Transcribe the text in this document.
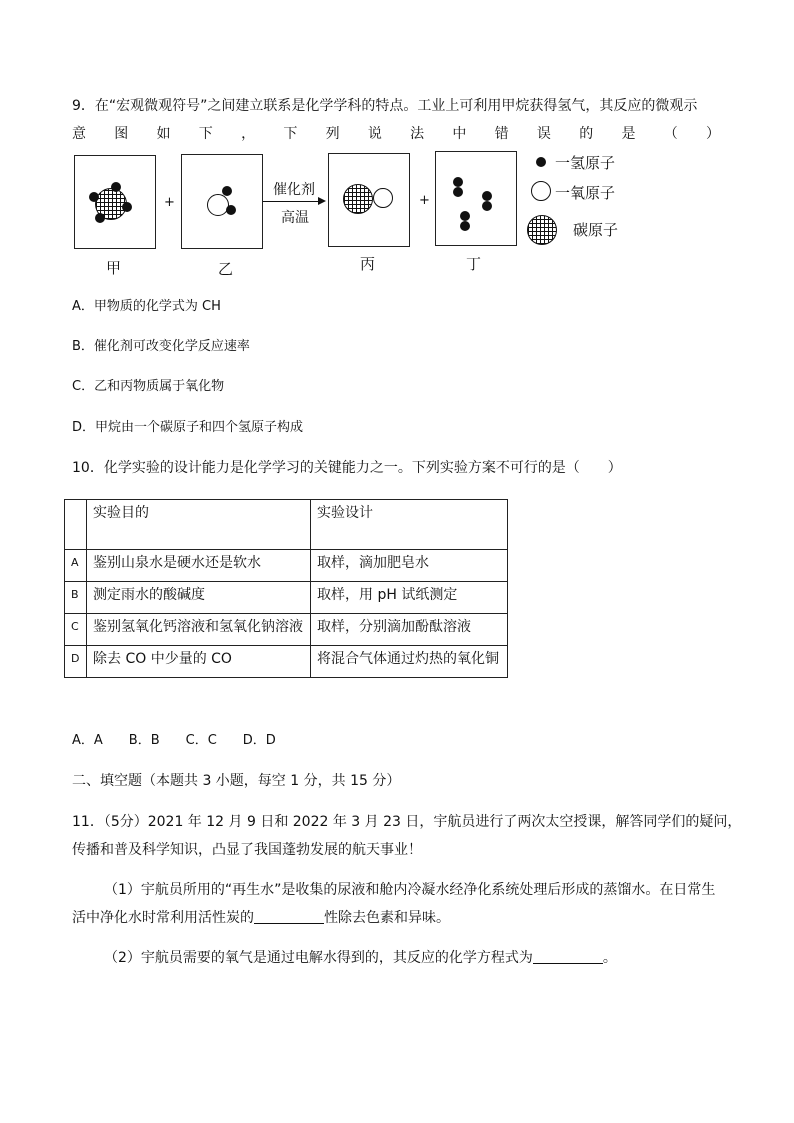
9．在“宏观微观符号”之间建立联系是化学学科的特点。工业上可利用甲烷获得氢气，其反应的微观示
意 图 如 下 ， 下 列 说 法 中 错 误 的 是 （ ）
+
催化剂
高温
+
甲	乙	丙	丁
一氢原子
一氧原子
碳原子
A．甲物质的化学式为 CH
B．催化剂可改变化学反应速率
C．乙和丙物质属于氧化物
D．甲烷由一个碳原子和四个氢原子构成
10．化学实验的设计能力是化学学习的关键能力之一。下列实验方案不可行的是（　　）
	实验目的	实验设计
A	鉴别山泉水是硬水还是软水	取样，滴加肥皂水
B	测定雨水的酸碱度	取样，用 pH 试纸测定
C	鉴别氢氧化钙溶液和氢氧化钠溶液	取样，分别滴加酚酞溶液
D	除去 CO 中少量的 CO	将混合气体通过灼热的氧化铜
A．A　　B．B　　C．C　　D．D
二、填空题（本题共 3 小题，每空 1 分，共 15 分）
11．（5分）2021 年 12 月 9 日和 2022 年 3 月 23 日，宇航员进行了两次太空授课，解答同学们的疑问，
传播和普及科学知识，凸显了我国蓬勃发展的航天事业！
（1）宇航员所用的“再生水”是收集的尿液和舱内冷凝水经净化系统处理后形成的蒸馏水。在日常生
活中净化水时常利用活性炭的	性除去色素和异味。
（2）宇航员需要的氧气是通过电解水得到的，其反应的化学方程式为	。
